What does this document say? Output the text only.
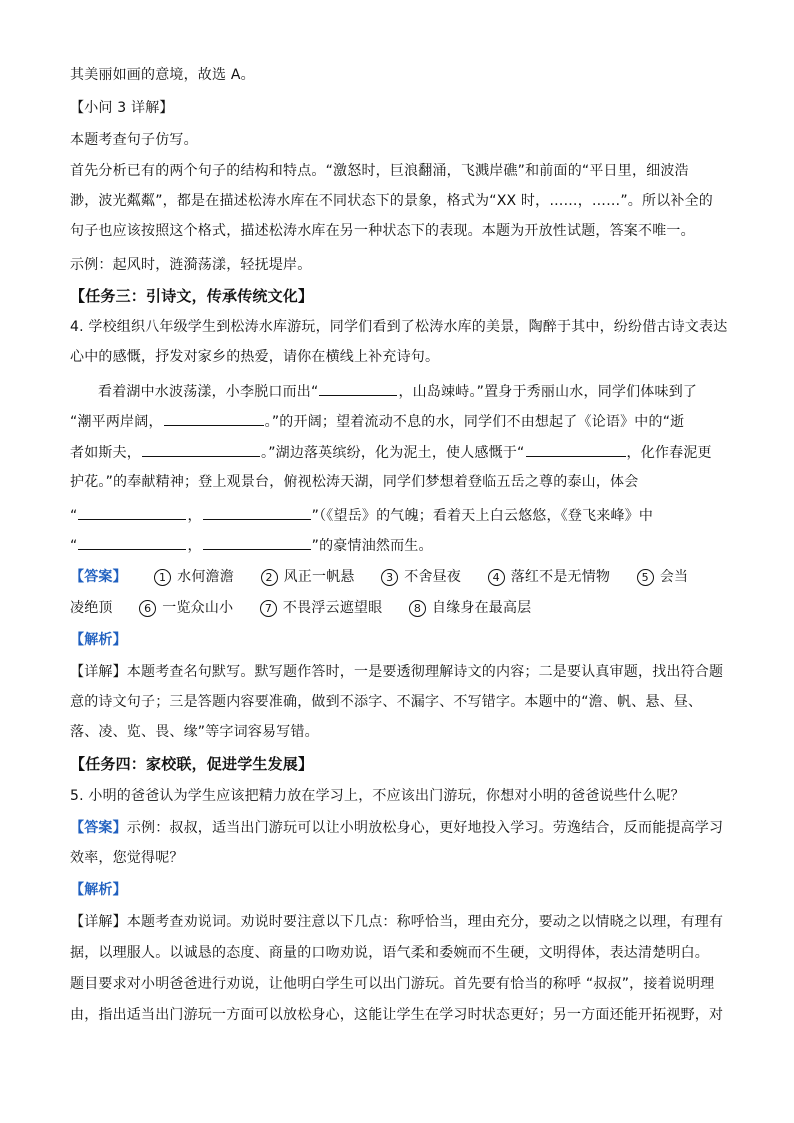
其美丽如画的意境，故选 A。
【小问 3 详解】
本题考查句子仿写。
首先分析已有的两个句子的结构和特点。“激怒时，巨浪翻涌，飞溅岸礁”和前面的“平日里，细波浩
渺，波光粼粼”，都是在描述松涛水库在不同状态下的景象，格式为“XX 时，……，……”。所以补全的
句子也应该按照这个格式，描述松涛水库在另一种状态下的表现。本题为开放性试题，答案不唯一。
示例：起风时，涟漪荡漾，轻抚堤岸。
【任务三：引诗文，传承传统文化】
4. 学校组织八年级学生到松涛水库游玩，同学们看到了松涛水库的美景，陶醉于其中，纷纷借古诗文表达
心中的感慨，抒发对家乡的热爱，请你在横线上补充诗句。
看着湖中水波荡漾，小李脱口而出“	，山岛竦峙。”置身于秀丽山水，同学们体味到了
“潮平两岸阔，	。”的开阔；望着流动不息的水，同学们不由想起了《论语》中的“逝
者如斯夫，	。”湖边落英缤纷，化为泥土，使人感慨于“	，化作春泥更
护花。”的奉献精神；登上观景台，俯视松涛天湖，同学们梦想着登临五岳之尊的泰山，体会
“	，	”（《望岳》的气魄；看着天上白云悠悠，《登飞来峰》中
“	，	”的豪情油然而生。
【答案】	1 水何澹澹	2 风正一帆悬	3 不舍昼夜	4 落红不是无情物	5 会当
凌绝顶	6 一览众山小	7 不畏浮云遮望眼	8 自缘身在最高层
【解析】
【详解】本题考查名句默写。默写题作答时，一是要透彻理解诗文的内容；二是要认真审题，找出符合题
意的诗文句子；三是答题内容要准确，做到不添字、不漏字、不写错字。本题中的“澹、帆、悬、昼、
落、凌、览、畏、缘”等字词容易写错。
【任务四：家校联，促进学生发展】
5. 小明的爸爸认为学生应该把精力放在学习上，不应该出门游玩，你想对小明的爸爸说些什么呢？
【答案】示例：叔叔，适当出门游玩可以让小明放松身心，更好地投入学习。劳逸结合，反而能提高学习
效率，您觉得呢？
【解析】
【详解】本题考查劝说词。劝说时要注意以下几点：称呼恰当，理由充分，要动之以情晓之以理，有理有
据，以理服人。以诚恳的态度、商量的口吻劝说，语气柔和委婉而不生硬，文明得体，表达清楚明白。
题目要求对小明爸爸进行劝说，让他明白学生可以出门游玩。首先要有恰当的称呼 “叔叔”，接着说明理
由，指出适当出门游玩一方面可以放松身心，这能让学生在学习时状态更好；另一方面还能开拓视野，对
